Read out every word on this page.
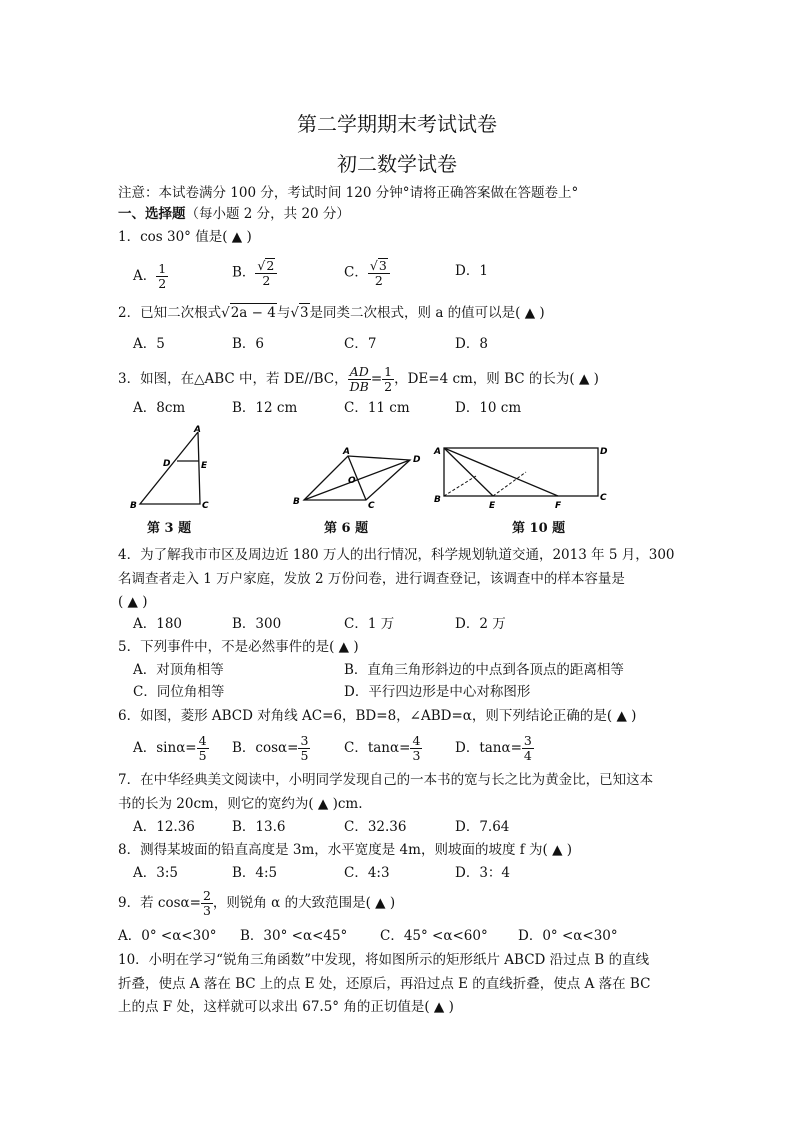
第二学期期末考试试卷
初二数学试卷
注意：本试卷满分 100 分，考试时间 120 分钟°请将正确答案做在答题卷上°
一、选择题（每小题 2 分，共 20 分）
1．cos 30° 值是( ▲ )
A． $\frac{1}{2}$	B． $\frac{√2}{2}$	C． $\frac{√3}{2}$	D．1
2．已知二次根式√2a − 4与√3是同类二次根式，则 a 的值可以是( ▲ )
A．5	B．6	C．7	D．8
3．如图，在△ABC 中，若 DE//BC， $\frac{AD}{DB} = \frac{1}{2}$ ，DE=4 cm，则 BC 的长为( ▲ )
A．8cm	B．12 cm	C．11 cm	D．10 cm
A
D	E
B	C
第 3 题
A
D
O
B	C
第 6 题
A	D
B	C
E	F
第 10 题
4．为了解我市市区及周边近 180 万人的出行情况，科学规划轨道交通，2013 年 5 月，300
名调查者走入 1 万户家庭，发放 2 万份问卷，进行调查登记，该调查中的样本容量是
( ▲ )
A．180	B．300	C．1 万	D．2 万
5．下列事件中，不是必然事件的是( ▲ )
A．对顶角相等	B．直角三角形斜边的中点到各顶点的距离相等
C．同位角相等	D．平行四边形是中心对称图形
6．如图，菱形 ABCD 对角线 AC=6，BD=8，∠ABD=α，则下列结论正确的是( ▲ )
A．$\sin\alpha= \frac{4}{5}$ B．$\cos\alpha= \frac{3}{5}$ C．$\tan\alpha= \frac{4}{3}$ D．$\tan\alpha= \frac{3}{4}$
7．在中华经典美文阅读中，小明同学发现自己的一本书的宽与长之比为黄金比，已知这本
书的长为 20cm，则它的宽约为( ▲ )cm.
A．12.36	B．13.6	C．32.36	D．7.64
8．测得某坡面的铅直高度是 3m，水平宽度是 4m，则坡面的坡度 f 为( ▲ )
A．3:5	B．4:5	C．4:3	D．3：4
9．若 $\cos\alpha= \frac{2}{3}$ ，则锐角 α 的大致范围是( ▲ )
A．0° <α<30° B．30° <α<45° C．45° <α<60° D．0° <α<30°
10．小明在学习“锐角三角函数”中发现，将如图所示的矩形纸片 ABCD 沿过点 B 的直线
折叠，使点 A 落在 BC 上的点 E 处，还原后，再沿过点 E 的直线折叠，使点 A 落在 BC
上的点 F 处，这样就可以求出 67.5° 角的正切值是( ▲ )
